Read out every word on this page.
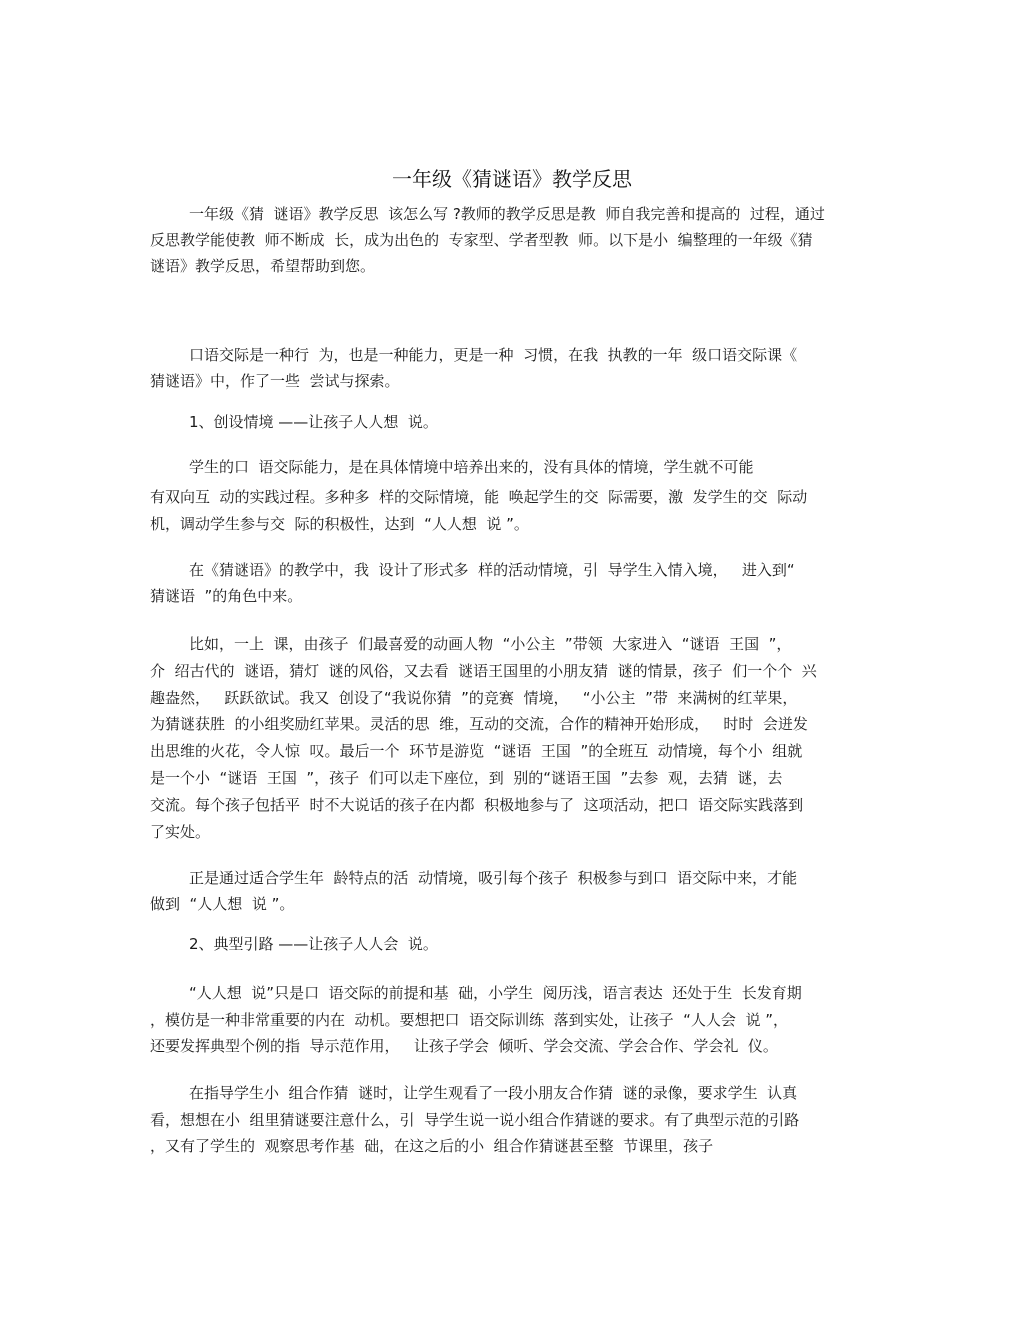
一年级《猜谜语》教学反思

一年级《猜  谜语》教学反思  该怎么写 ?教师的教学反思是教  师自我完善和提高的  过程，通过

反思教学能使教  师不断成  长，成为出色的  专家型、学者型教  师。以下是小  编整理的一年级《猜

谜语》教学反思，希望帮助到您。

口语交际是一种行  为，也是一种能力，更是一种  习惯，在我  执教的一年  级口语交际课《

猜谜语》中，作了一些  尝试与探索。

1、创设情境 ——让孩子人人想  说。

学生的口  语交际能力，是在具体情境中培养出来的，没有具体的情境，学生就不可能

有双向互  动的实践过程。多种多  样的交际情境，能  唤起学生的交  际需要，激  发学生的交  际动

机，调动学生参与交  际的积极性，达到  “人人想  说 ”。

在《猜谜语》的教学中，我  设计了形式多  样的活动情境，引  导学生入情入境，   进入到“

猜谜语  ”的角色中来。

比如，一上  课，由孩子  们最喜爱的动画人物  “小公主  ”带领  大家进入  “谜语  王国  ”，

介  绍古代的  谜语，猜灯  谜的风俗，又去看  谜语王国里的小朋友猜  谜的情景，孩子  们一个个  兴

趣盎然，   跃跃欲试。我又  创设了“我说你猜  ”的竞赛  情境，   “小公主  ”带  来满树的红苹果，

为猜谜获胜  的小组奖励红苹果。灵活的思  维，互动的交流，合作的精神开始形成，   时时  会迸发

出思维的火花，令人惊  叹。最后一个  环节是游览  “谜语  王国  ”的全班互  动情境，每个小  组就

是一个小  “谜语  王国  ”，孩子  们可以走下座位，到  别的“谜语王国  ”去参  观，去猜  谜，去

交流。每个孩子包括平  时不大说话的孩子在内都  积极地参与了  这项活动，把口  语交际实践落到

了实处。

正是通过适合学生年  龄特点的活  动情境，吸引每个孩子  积极参与到口  语交际中来，才能

做到  “人人想  说 ”。

2、典型引路 ——让孩子人人会  说。

“人人想  说”只是口  语交际的前提和基  础，小学生  阅历浅，语言表达  还处于生  长发育期

，模仿是一种非常重要的内在  动机。要想把口  语交际训练  落到实处，让孩子  “人人会  说 ”，

还要发挥典型个例的指  导示范作用，   让孩子学会  倾听、学会交流、学会合作、学会礼  仪。

在指导学生小  组合作猜  谜时，让学生观看了一段小朋友合作猜  谜的录像，要求学生  认真

看，想想在小  组里猜谜要注意什么，引  导学生说一说小组合作猜谜的要求。有了典型示范的引路

，又有了学生的  观察思考作基  础，在这之后的小  组合作猜谜甚至整  节课里，孩子
